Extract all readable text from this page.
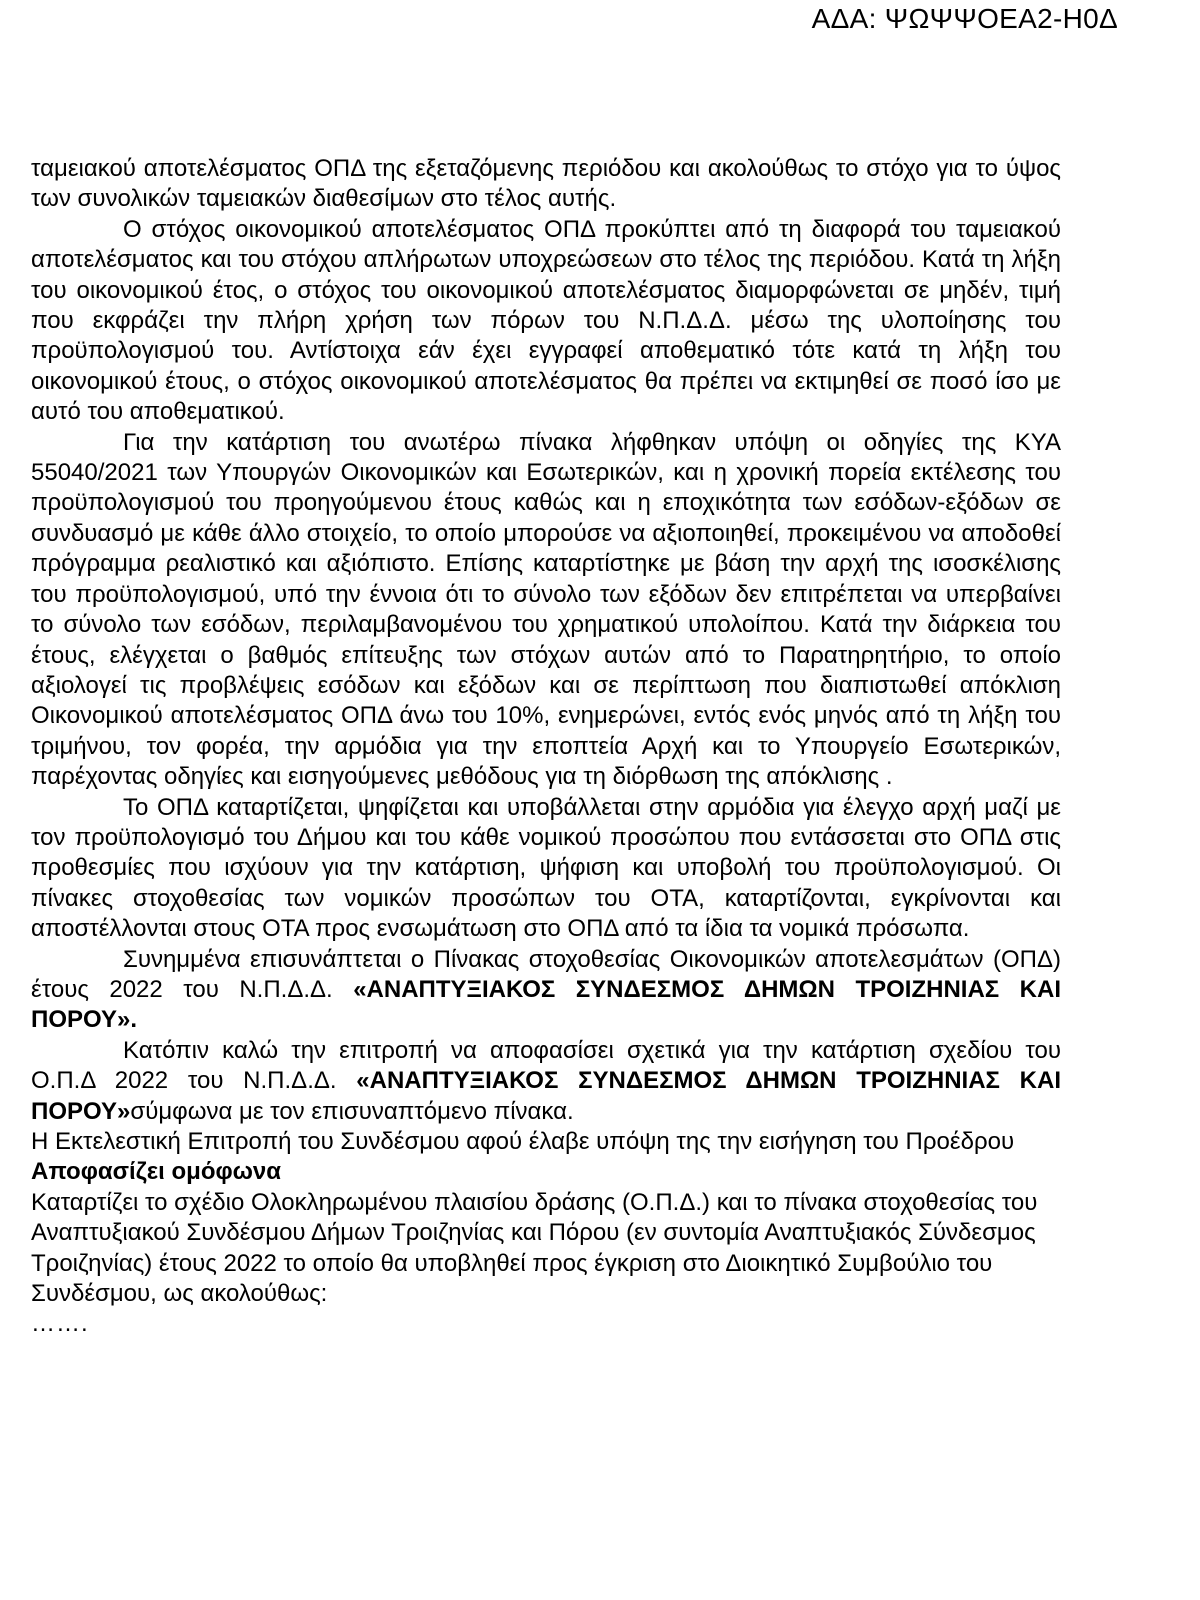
ΑΔΑ: ΨΩΨΨΟΕΑ2-Η0Δ

ταμειακού αποτελέσματος ΟΠΔ της εξεταζόμενης περιόδου και ακολούθως το στόχο για το ύψος των συνολικών ταμειακών διαθεσίμων στο τέλος αυτής.

Ο στόχος οικονομικού αποτελέσματος ΟΠΔ προκύπτει από τη διαφορά του ταμειακού αποτελέσματος και του στόχου απλήρωτων υποχρεώσεων στο τέλος της περιόδου. Κατά τη λήξη του οικονομικού έτος, ο στόχος του οικονομικού αποτελέσματος διαμορφώνεται σε μηδέν, τιμή που εκφράζει την πλήρη χρήση των πόρων του Ν.Π.Δ.Δ. μέσω της υλοποίησης του προϋπολογισμού του. Αντίστοιχα εάν έχει εγγραφεί αποθεματικό τότε κατά τη λήξη του οικονομικού έτους, ο στόχος οικονομικού αποτελέσματος θα πρέπει να εκτιμηθεί σε ποσό ίσο με αυτό του αποθεματικού.

Για την κατάρτιση του ανωτέρω πίνακα λήφθηκαν υπόψη οι οδηγίες της ΚΥΑ 55040/2021 των Υπουργών Οικονομικών και Εσωτερικών, και η χρονική πορεία εκτέλεσης του προϋπολογισμού του προηγούμενου έτους καθώς και η εποχικότητα των εσόδων-εξόδων σε συνδυασμό με κάθε άλλο στοιχείο, το οποίο μπορούσε να αξιοποιηθεί, προκειμένου να αποδοθεί πρόγραμμα ρεαλιστικό και αξιόπιστο. Επίσης καταρτίστηκε με βάση την αρχή της ισοσκέλισης του προϋπολογισμού, υπό την έννοια ότι το σύνολο των εξόδων δεν επιτρέπεται να υπερβαίνει το σύνολο των εσόδων, περιλαμβανομένου του χρηματικού υπολοίπου. Κατά την διάρκεια του έτους, ελέγχεται ο βαθμός επίτευξης των στόχων αυτών από το Παρατηρητήριο, το οποίο αξιολογεί τις προβλέψεις εσόδων και εξόδων και σε περίπτωση που διαπιστωθεί απόκλιση Οικονομικού αποτελέσματος ΟΠΔ άνω του 10%, ενημερώνει, εντός ενός μηνός από τη λήξη του τριμήνου, τον φορέα, την αρμόδια για την εποπτεία Αρχή και το Υπουργείο Εσωτερικών, παρέχοντας οδηγίες και εισηγούμενες μεθόδους για τη διόρθωση της απόκλισης .

Το ΟΠΔ καταρτίζεται, ψηφίζεται και υποβάλλεται στην αρμόδια για έλεγχο αρχή μαζί με τον προϋπολογισμό του Δήμου και του κάθε νομικού προσώπου που εντάσσεται στο ΟΠΔ στις προθεσμίες που ισχύουν για την κατάρτιση, ψήφιση και υποβολή του προϋπολογισμού. Οι πίνακες στοχοθεσίας των νομικών προσώπων του ΟΤΑ, καταρτίζονται, εγκρίνονται και αποστέλλονται στους ΟΤΑ προς ενσωμάτωση στο ΟΠΔ από τα ίδια τα νομικά πρόσωπα.

Συνημμένα επισυνάπτεται ο Πίνακας στοχοθεσίας Οικονομικών αποτελεσμάτων (ΟΠΔ) έτους 2022 του Ν.Π.Δ.Δ. «ΑΝΑΠΤΥΞΙΑΚΟΣ ΣΥΝΔΕΣΜΟΣ ΔΗΜΩΝ ΤΡΟΙΖΗΝΙΑΣ ΚΑΙ ΠΟΡΟΥ».

Κατόπιν καλώ την επιτροπή να αποφασίσει σχετικά για την κατάρτιση σχεδίου του Ο.Π.Δ 2022 του Ν.Π.Δ.Δ. «ΑΝΑΠΤΥΞΙΑΚΟΣ ΣΥΝΔΕΣΜΟΣ ΔΗΜΩΝ ΤΡΟΙΖΗΝΙΑΣ ΚΑΙ ΠΟΡΟΥ»σύμφωνα με τον επισυναπτόμενο πίνακα.

Η Εκτελεστική Επιτροπή του Συνδέσμου αφού έλαβε υπόψη της την εισήγηση του Προέδρου

Αποφασίζει ομόφωνα

Καταρτίζει το σχέδιο Ολοκληρωμένου πλαισίου δράσης (Ο.Π.Δ.) και το πίνακα στοχοθεσίας του Αναπτυξιακού Συνδέσμου Δήμων Τροιζηνίας και Πόρου (εν συντομία Αναπτυξιακός Σύνδεσμος Τροιζηνίας) έτους 2022 το οποίο θα υποβληθεί προς έγκριση στο Διοικητικό Συμβούλιο του Συνδέσμου, ως ακολούθως:

…….
